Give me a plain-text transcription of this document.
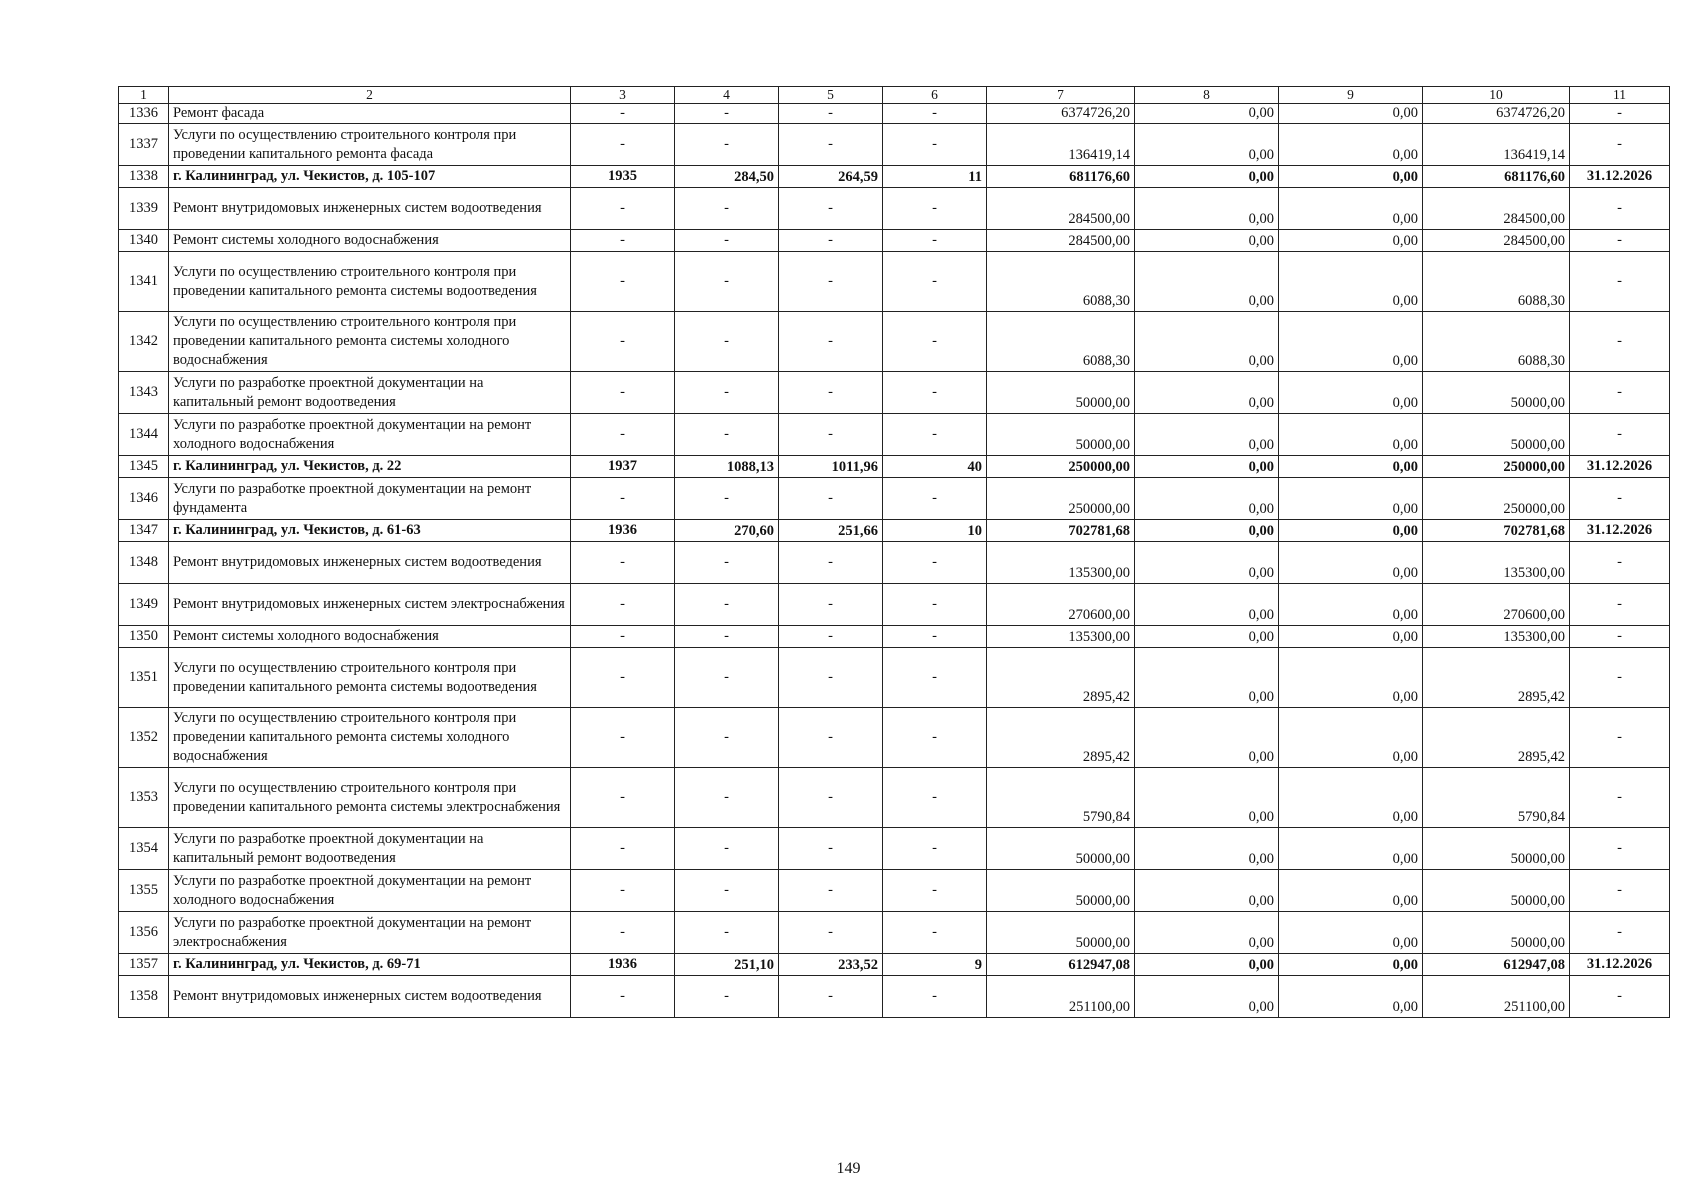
1	2	3	4	5	6	7	8	9	10	11
1336	Ремонт фасада	-	-	-	-	6374726,20	0,00	0,00	6374726,20	-
1337	Услуги по осуществлению строительного контроля при проведении капитального ремонта фасада	-	-	-	-	136419,14	0,00	0,00	136419,14	-
1338	г. Калининград, ул. Чекистов, д. 105-107	1935	284,50	264,59	11	681176,60	0,00	0,00	681176,60	31.12.2026
1339	Ремонт внутридомовых инженерных систем водоотведения	-	-	-	-	284500,00	0,00	0,00	284500,00	-
1340	Ремонт системы холодного водоснабжения	-	-	-	-	284500,00	0,00	0,00	284500,00	-
1341	Услуги по осуществлению строительного контроля при проведении капитального ремонта системы водоотведения	-	-	-	-	6088,30	0,00	0,00	6088,30	-
1342	Услуги по осуществлению строительного контроля при проведении капитального ремонта системы холодного водоснабжения	-	-	-	-	6088,30	0,00	0,00	6088,30	-
1343	Услуги по разработке проектной документации на капитальный ремонт водоотведения	-	-	-	-	50000,00	0,00	0,00	50000,00	-
1344	Услуги по разработке проектной документации на ремонт холодного водоснабжения	-	-	-	-	50000,00	0,00	0,00	50000,00	-
1345	г. Калининград, ул. Чекистов, д. 22	1937	1088,13	1011,96	40	250000,00	0,00	0,00	250000,00	31.12.2026
1346	Услуги по разработке проектной документации на ремонт фундамента	-	-	-	-	250000,00	0,00	0,00	250000,00	-
1347	г. Калининград, ул. Чекистов, д. 61-63	1936	270,60	251,66	10	702781,68	0,00	0,00	702781,68	31.12.2026
1348	Ремонт внутридомовых инженерных систем водоотведения	-	-	-	-	135300,00	0,00	0,00	135300,00	-
1349	Ремонт внутридомовых инженерных систем электроснабжения	-	-	-	-	270600,00	0,00	0,00	270600,00	-
1350	Ремонт системы холодного водоснабжения	-	-	-	-	135300,00	0,00	0,00	135300,00	-
1351	Услуги по осуществлению строительного контроля при проведении капитального ремонта системы водоотведения	-	-	-	-	2895,42	0,00	0,00	2895,42	-
1352	Услуги по осуществлению строительного контроля при проведении капитального ремонта системы холодного водоснабжения	-	-	-	-	2895,42	0,00	0,00	2895,42	-
1353	Услуги по осуществлению строительного контроля при проведении капитального ремонта системы электроснабжения	-	-	-	-	5790,84	0,00	0,00	5790,84	-
1354	Услуги по разработке проектной документации на капитальный ремонт водоотведения	-	-	-	-	50000,00	0,00	0,00	50000,00	-
1355	Услуги по разработке проектной документации на ремонт холодного водоснабжения	-	-	-	-	50000,00	0,00	0,00	50000,00	-
1356	Услуги по разработке проектной документации на ремонт электроснабжения	-	-	-	-	50000,00	0,00	0,00	50000,00	-
1357	г. Калининград, ул. Чекистов, д. 69-71	1936	251,10	233,52	9	612947,08	0,00	0,00	612947,08	31.12.2026
1358	Ремонт внутридомовых инженерных систем водоотведения	-	-	-	-	251100,00	0,00	0,00	251100,00	-
149
